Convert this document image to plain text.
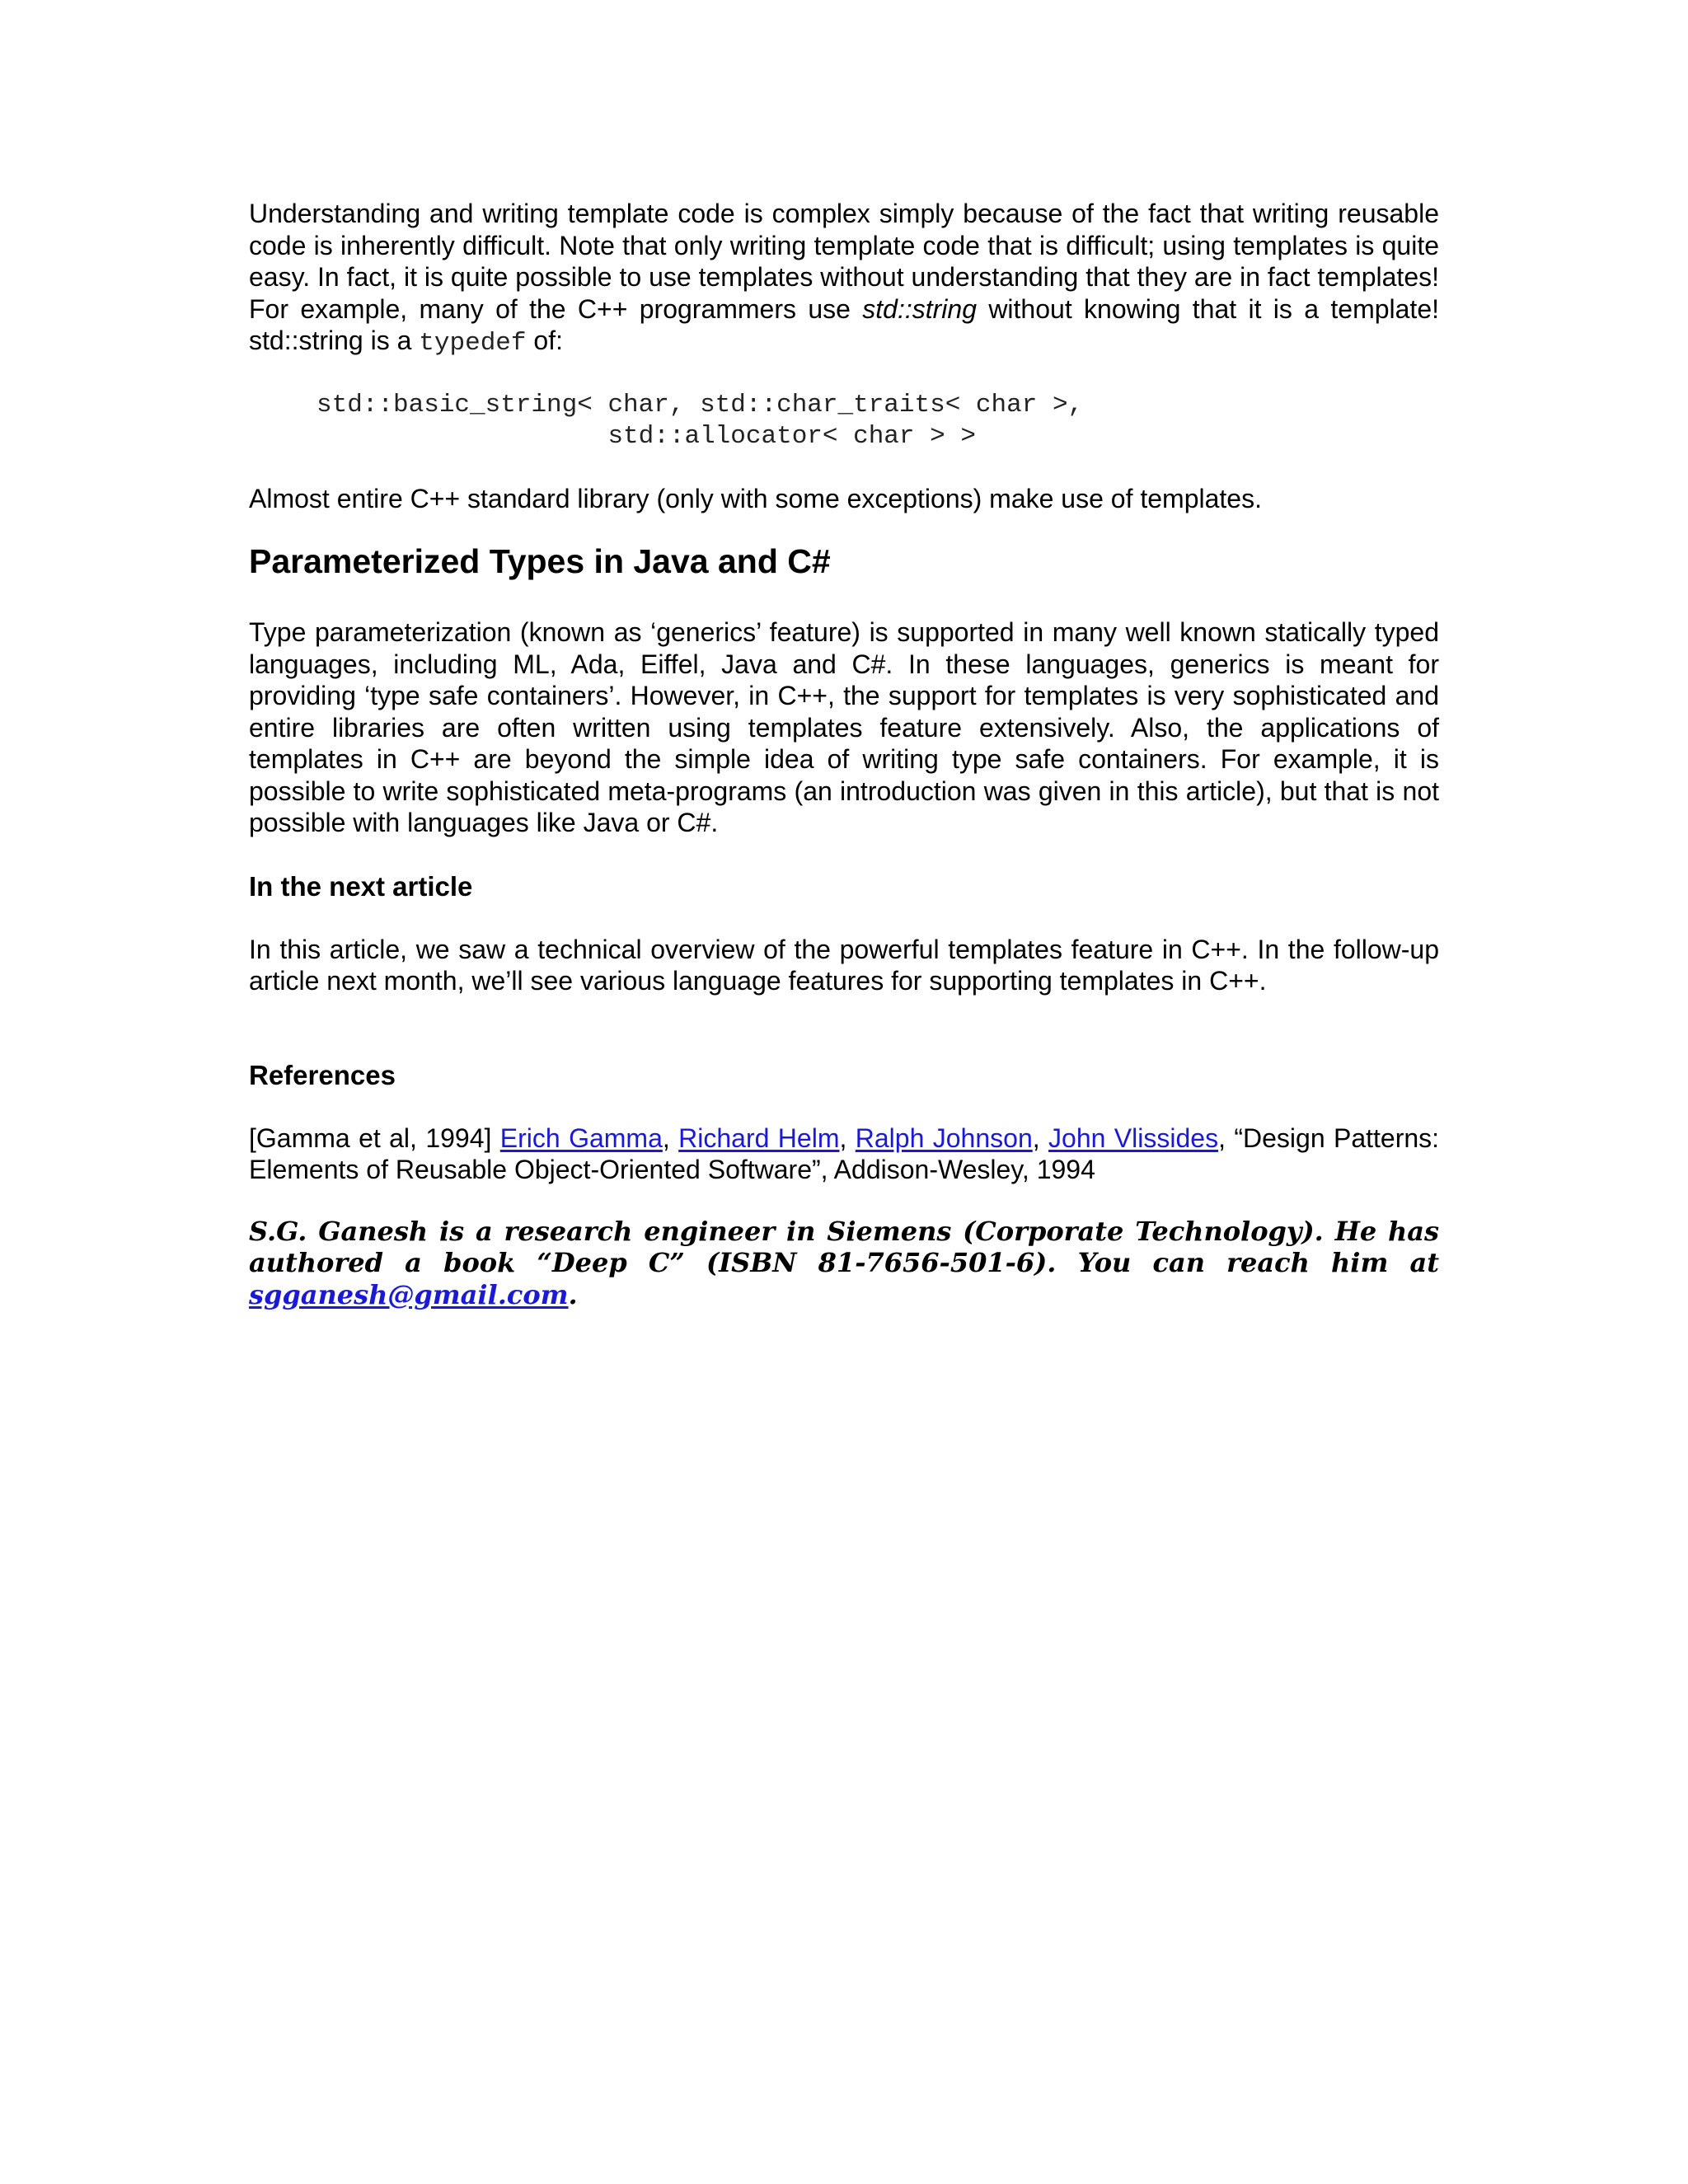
Understanding and writing template code is complex simply because of the fact that writing reusable code is inherently difficult. Note that only writing template code that is difficult; using templates is quite easy. In fact, it is quite possible to use templates without understanding that they are in fact templates! For example, many of the C++ programmers use std::string without knowing that it is a template! std::string is a typedef of:

std::basic_string< char, std::char_traits< char >,
std::allocator< char > >

Almost entire C++ standard library (only with some exceptions) make use of templates.

Parameterized Types in Java and C#

Type parameterization (known as ‘generics’ feature) is supported in many well known statically typed languages, including ML, Ada, Eiffel, Java and C#. In these languages, generics is meant for providing ‘type safe containers’. However, in C++, the support for templates is very sophisticated and entire libraries are often written using templates feature extensively. Also, the applications of templates in C++ are beyond the simple idea of writing type safe containers. For example, it is possible to write sophisticated meta-programs (an introduction was given in this article), but that is not possible with languages like Java or C#.

In the next article

In this article, we saw a technical overview of the powerful templates feature in C++. In the follow-up article next month, we’ll see various language features for supporting templates in C++.

References

[Gamma et al, 1994] Erich Gamma, Richard Helm, Ralph Johnson, John Vlissides, “Design Patterns: Elements of Reusable Object-Oriented Software”, Addison-Wesley, 1994

S.G. Ganesh is a research engineer in Siemens (Corporate Technology). He has authored a book “Deep C” (ISBN 81-7656-501-6). You can reach him at sgganesh@gmail.com.
